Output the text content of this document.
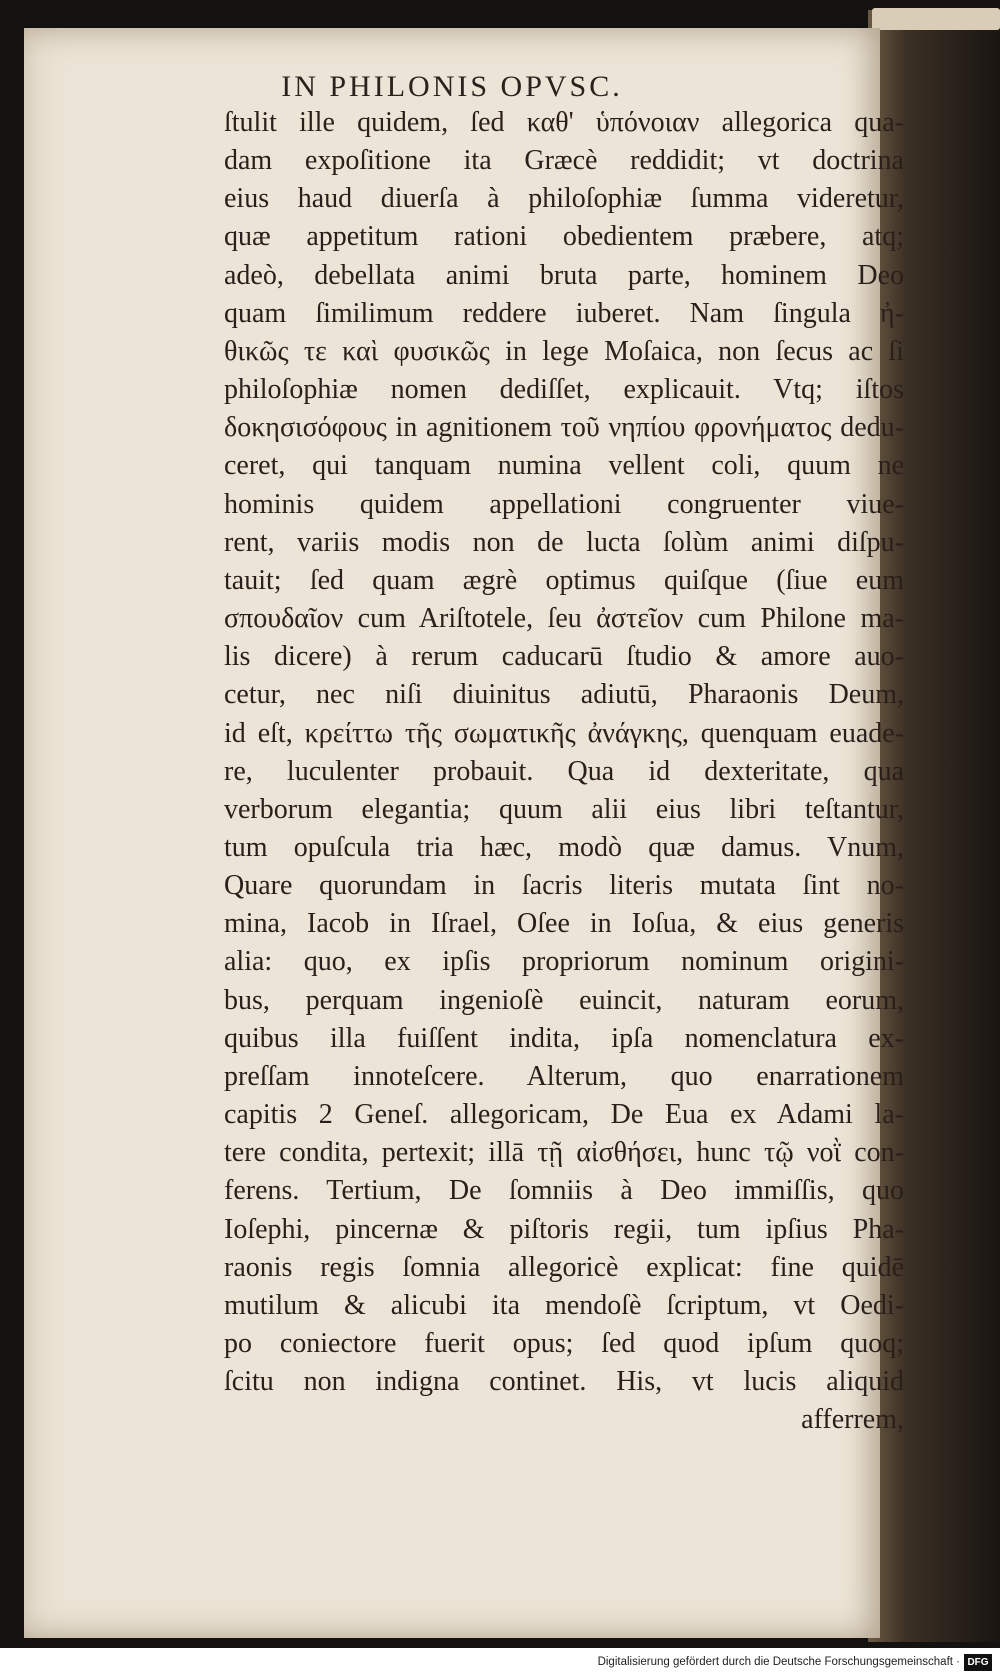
IN PHILONIS OPVSC.
ſtulit ille quidem, ſed καθ' ὑπόνοιαν allegorica qua-
dam expoſitione ita Græcè reddidit; vt doctrina
eius haud diuerſa à philoſophiæ ſumma videretur,
quæ appetitum rationi obedientem præbere, atq;
adeò, debellata animi bruta parte, hominem Deo
quam ſimilimum reddere iuberet. Nam ſingula ἠ-
θικῶς τε καὶ φυσικῶς in lege Moſaica, non ſecus ac ſi
philoſophiæ nomen dediſſet, explicauit. Vtq; iſtos
δοκησισόφους in agnitionem τοῦ νηπίου φρονήματος dedu-
ceret, qui tanquam numina vellent coli, quum ne
hominis quidem appellationi congruenter viue-
rent, variis modis non de lucta ſolùm animi diſpu-
tauit; ſed quam ægrè optimus quiſque (ſiue eum
σπουδαῖον cum Ariſtotele, ſeu ἀστεῖον cum Philone ma-
lis dicere) à rerum caducarū ſtudio & amore auo-
cetur, nec niſi diuinitus adiutū, Pharaonis Deum,
id eſt, κρείττω τῆς σωματικῆς ἀνάγκης, quenquam euade-
re, luculenter probauit. Qua id dexteritate, qua
verborum elegantia; quum alii eius libri teſtantur,
tum opuſcula tria hæc, modò quæ damus. Vnum,
Quare quorundam in ſacris literis mutata ſint no-
mina, Iacob in Iſrael, Oſee in Ioſua, & eius generis
alia: quo, ex ipſis propriorum nominum origini-
bus, perquam ingenioſè euincit, naturam eorum,
quibus illa fuiſſent indita, ipſa nomenclatura ex-
preſſam innoteſcere. Alterum, quo enarrationem
capitis 2 Geneſ. allegoricam, De Eua ex Adami la-
tere condita, pertexit; illā τῇ αἰσθήσει, hunc τῷ νοῒ con-
ferens. Tertium, De ſomniis à Deo immiſſis, quo
Ioſephi, pincernæ & piſtoris regii, tum ipſius Pha-
raonis regis ſomnia allegoricè explicat: fine quidē
mutilum & alicubi ita mendoſè ſcriptum, vt Oedi-
po coniectore fuerit opus; ſed quod ipſum quoq;
ſcitu non indigna continet. His, vt lucis aliquid
afferrem,
Digitalisierung gefördert durch die Deutsche Forschungsgemeinschaft · DFG
